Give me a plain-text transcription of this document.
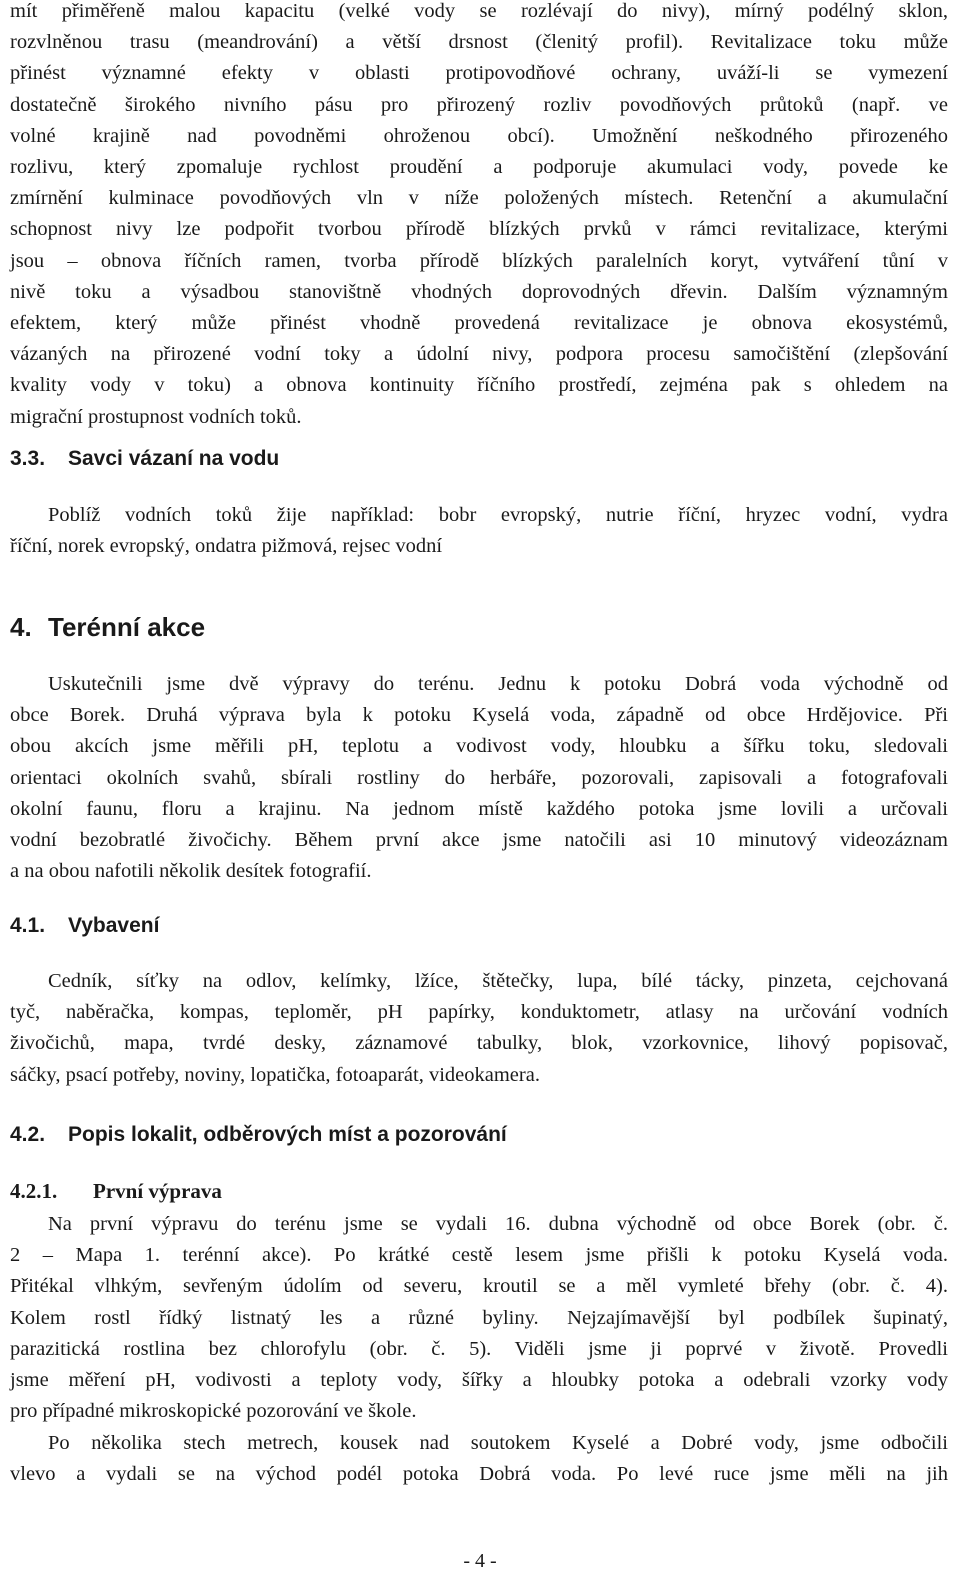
mít přiměřeně malou kapacitu (velké vody se rozlévají do nivy), mírný podélný sklon,
rozvlněnou trasu (meandrování) a větší drsnost (členitý profil). Revitalizace toku může
přinést významné efekty v oblasti protipovodňové ochrany, uváží-li se vymezení
dostatečně širokého nivního pásu pro přirozený rozliv povodňových průtoků (např. ve
volné krajině nad povodněmi ohroženou obcí). Umožnění neškodného přirozeného
rozlivu, který zpomaluje rychlost proudění a podporuje akumulaci vody, povede ke
zmírnění kulminace povodňových vln v níže položených místech. Retenční a akumulační
schopnost nivy lze podpořit tvorbou přírodě blízkých prvků v rámci revitalizace, kterými
jsou – obnova říčních ramen, tvorba přírodě blízkých paralelních koryt, vytváření tůní v
nivě toku a výsadbou stanovištně vhodných doprovodných dřevin. Dalším významným
efektem, který může přinést vhodně provedená revitalizace je obnova ekosystémů,
vázaných na přirozené vodní toky a údolní nivy, podpora procesu samočištění (zlepšování
kvality vody v toku) a obnova kontinuity říčního prostředí, zejména pak s ohledem na
migrační prostupnost vodních toků.
3.3. Savci vázaní na vodu
Poblíž vodních toků žije například: bobr evropský, nutrie říční, hryzec vodní, vydra
říční, norek evropský, ondatra pižmová, rejsec vodní
4. Terénní akce
Uskutečnili jsme dvě výpravy do terénu. Jednu k potoku Dobrá voda východně od
obce Borek. Druhá výprava byla k potoku Kyselá voda, západně od obce Hrdějovice. Při
obou akcích jsme měřili pH, teplotu a vodivost vody, hloubku a šířku toku, sledovali
orientaci okolních svahů, sbírali rostliny do herbáře, pozorovali, zapisovali a fotografovali
okolní faunu, floru a krajinu. Na jednom místě každého potoka jsme lovili a určovali
vodní bezobratlé živočichy. Během první akce jsme natočili asi 10 minutový videozáznam
a na obou nafotili několik desítek fotografií.
4.1. Vybavení
Cedník, síťky na odlov, kelímky, lžíce, štětečky, lupa, bílé tácky, pinzeta, cejchovaná
tyč, naběračka, kompas, teploměr, pH papírky, konduktometr, atlasy na určování vodních
živočichů, mapa, tvrdé desky, záznamové tabulky, blok, vzorkovnice, lihový popisovač,
sáčky, psací potřeby, noviny, lopatička, fotoaparát, videokamera.
4.2. Popis lokalit, odběrových míst a pozorování
4.2.1. První výprava
Na první výpravu do terénu jsme se vydali 16. dubna východně od obce Borek (obr. č.
2 – Mapa 1. terénní akce). Po krátké cestě lesem jsme přišli k potoku Kyselá voda.
Přitékal vlhkým, sevřeným údolím od severu, kroutil se a měl vymleté břehy (obr. č. 4).
Kolem rostl řídký listnatý les a různé byliny. Nejzajímavější byl podbílek šupinatý,
parazitická rostlina bez chlorofylu (obr. č. 5). Viděli jsme ji poprvé v životě. Provedli
jsme měření pH, vodivosti a teploty vody, šířky a hloubky potoka a odebrali vzorky vody
pro případné mikroskopické pozorování ve škole.
Po několika stech metrech, kousek nad soutokem Kyselé a Dobré vody, jsme odbočili
vlevo a vydali se na východ podél potoka Dobrá voda. Po levé ruce jsme měli na jih
- 4 -
